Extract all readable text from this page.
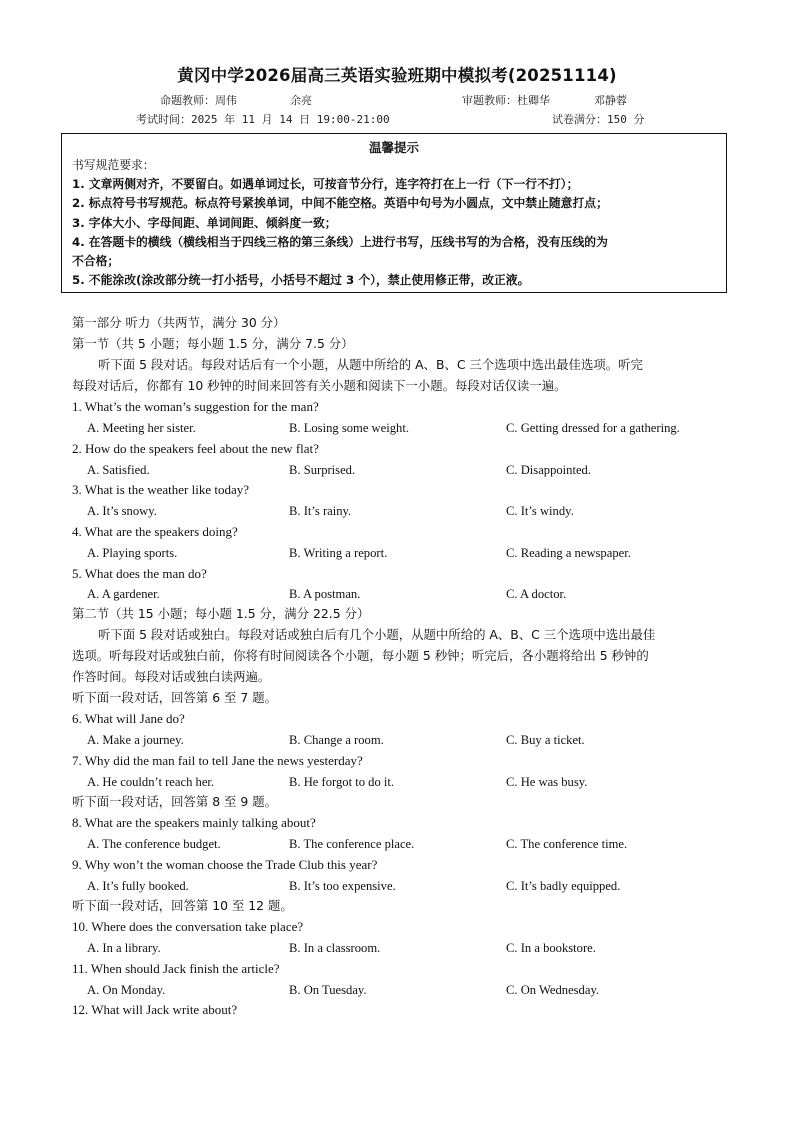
黄冈中学2026届高三英语实验班期中模拟考(20251114)
命题教师：周伟	余亮	审题教师：杜卿华	邓静蓉
考试时间：2025 年 11 月 14 日 19:00-21:00	试卷满分：150 分
温馨提示
书写规范要求：
1. 文章两侧对齐，不要留白。如遇单词过长，可按音节分行，连字符打在上一行（下一行不打）；
2. 标点符号书写规范。标点符号紧挨单词，中间不能空格。英语中句号为小圆点，文中禁止随意打点；
3. 字体大小、字母间距、单词间距、倾斜度一致；
4. 在答题卡的横线（横线相当于四线三格的第三条线）上进行书写，压线书写的为合格，没有压线的为
不合格；
5. 不能涂改(涂改部分统一打小括号，小括号不超过 3 个），禁止使用修正带，改正液。
第一部分 听力（共两节，满分 30 分）
第一节（共 5 小题；每小题 1.5 分，满分 7.5 分）
听下面 5 段对话。每段对话后有一个小题，从题中所给的 A、B、C 三个选项中选出最佳选项。听完
每段对话后，你都有 10 秒钟的时间来回答有关小题和阅读下一小题。每段对话仅读一遍。
1. What’s the woman’s suggestion for the man?
A. Meeting her sister.	B. Losing some weight.	C. Getting dressed for a gathering.
2. How do the speakers feel about the new flat?
A. Satisfied.	B. Surprised.	C. Disappointed.
3. What is the weather like today?
A. It’s snowy.	B. It’s rainy.	C. It’s windy.
4. What are the speakers doing?
A. Playing sports.	B. Writing a report.	C. Reading a newspaper.
5. What does the man do?
A. A gardener.	B. A postman.	C. A doctor.
第二节（共 15 小题；每小题 1.5 分，满分 22.5 分）
听下面 5 段对话或独白。每段对话或独白后有几个小题，从题中所给的 A、B、C 三个选项中选出最佳
选项。听每段对话或独白前，你将有时间阅读各个小题，每小题 5 秒钟；听完后，各小题将给出 5 秒钟的
作答时间。每段对话或独白读两遍。
听下面一段对话，回答第 6 至 7 题。
6. What will Jane do?
A. Make a journey.	B. Change a room.	C. Buy a ticket.
7. Why did the man fail to tell Jane the news yesterday?
A. He couldn’t reach her.	B. He forgot to do it.	C. He was busy.
听下面一段对话，回答第 8 至 9 题。
8. What are the speakers mainly talking about?
A. The conference budget.	B. The conference place.	C. The conference time.
9. Why won’t the woman choose the Trade Club this year?
A. It’s fully booked.	B. It’s too expensive.	C. It’s badly equipped.
听下面一段对话，回答第 10 至 12 题。
10. Where does the conversation take place?
A. In a library.	B. In a classroom.	C. In a bookstore.
11. When should Jack finish the article?
A. On Monday.	B. On Tuesday.	C. On Wednesday.
12. What will Jack write about?
